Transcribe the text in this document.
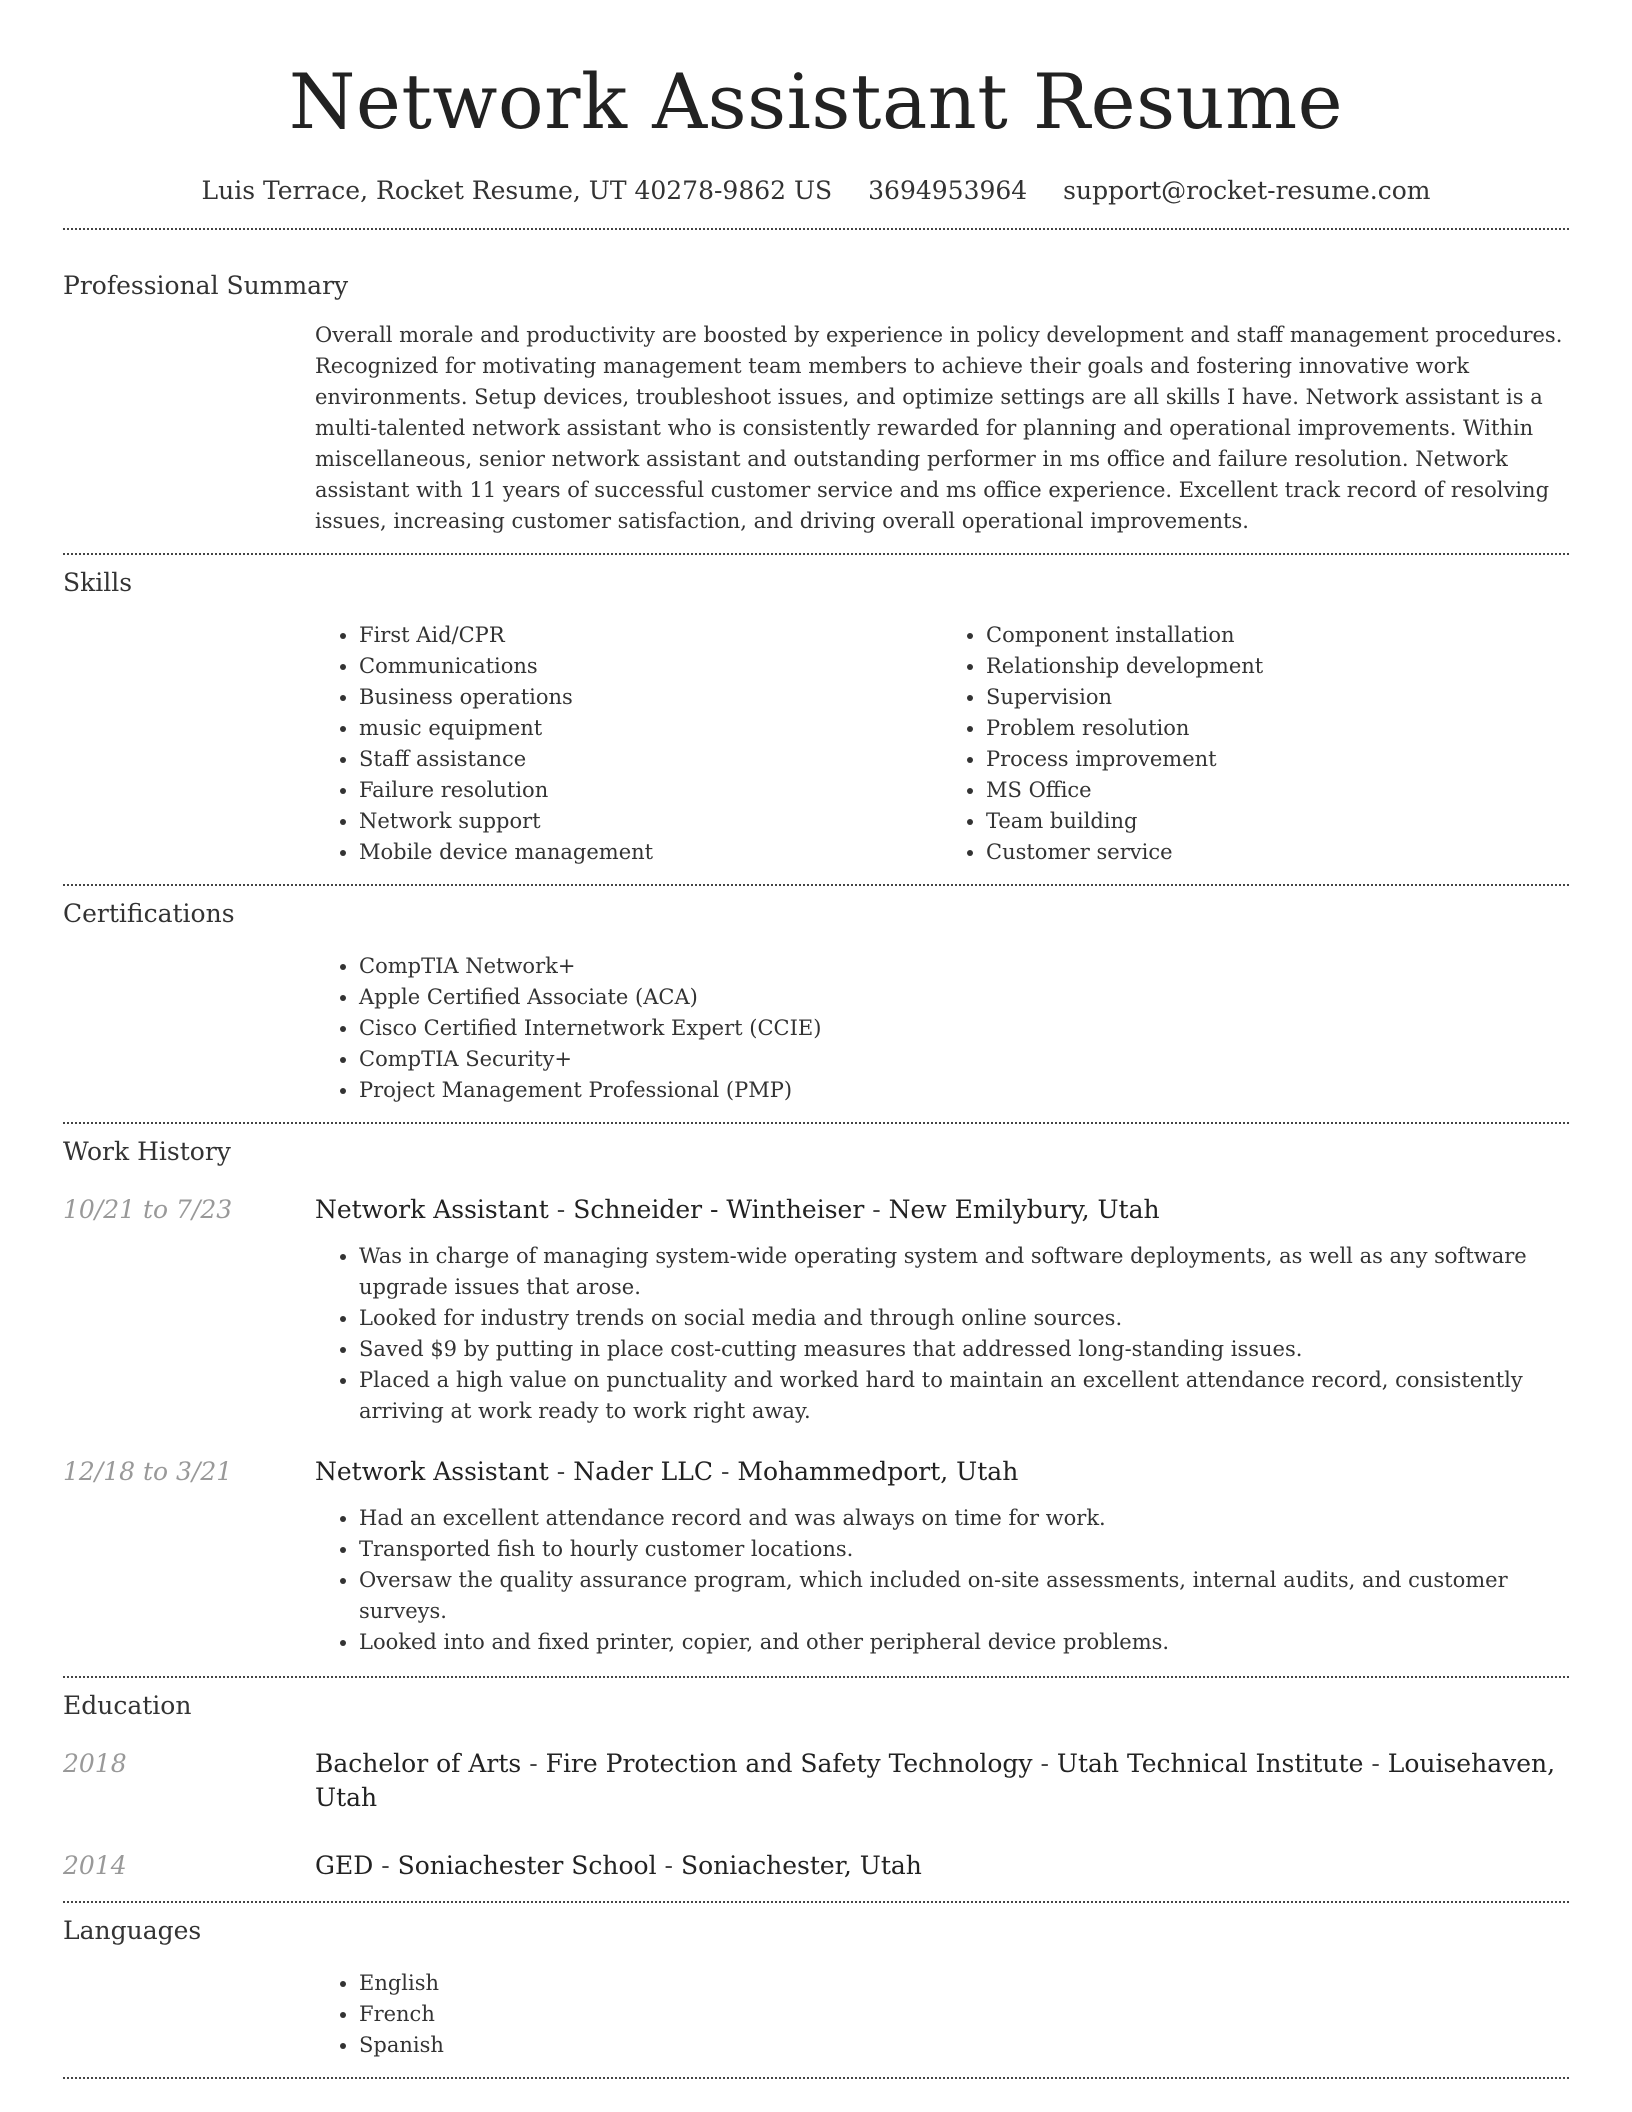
Network Assistant Resume
Luis Terrace, Rocket Resume, UT 40278-9862 US 3694953964 support@rocket-resume.com
Professional Summary

Overall morale and productivity are boosted by experience in policy development and staff management procedures. Recognized for motivating management team members to achieve their goals and fostering innovative work environments. Setup devices, troubleshoot issues, and optimize settings are all skills I have. Network assistant is a multi-talented network assistant who is consistently rewarded for planning and operational improvements. Within miscellaneous, senior network assistant and outstanding performer in ms office and failure resolution. Network assistant with 11 years of successful customer service and ms office experience. Excellent track record of resolving issues, increasing customer satisfaction, and driving overall operational improvements.

Skills
• First Aid/CPR
• Communications
• Business operations
• music equipment
• Staff assistance
• Failure resolution
• Network support
• Mobile device management
• Component installation
• Relationship development
• Supervision
• Problem resolution
• Process improvement
• MS Office
• Team building
• Customer service
Certifications
• CompTIA Network+
• Apple Certified Associate (ACA)
• Cisco Certified Internetwork Expert (CCIE)
• CompTIA Security+
• Project Management Professional (PMP)
Work History
10/21 to 7/23	Network Assistant - Schneider - Wintheiser - New Emilybury, Utah
• Was in charge of managing system-wide operating system and software deployments, as well as any software upgrade issues that arose.
• Looked for industry trends on social media and through online sources.
• Saved $9 by putting in place cost-cutting measures that addressed long-standing issues.
• Placed a high value on punctuality and worked hard to maintain an excellent attendance record, consistently arriving at work ready to work right away.
12/18 to 3/21	Network Assistant - Nader LLC - Mohammedport, Utah
• Had an excellent attendance record and was always on time for work.
• Transported fish to hourly customer locations.
• Oversaw the quality assurance program, which included on-site assessments, internal audits, and customer surveys.
• Looked into and fixed printer, copier, and other peripheral device problems.
Education
2018	Bachelor of Arts - Fire Protection and Safety Technology - Utah Technical Institute - Louisehaven, Utah
2014	GED - Soniachester School - Soniachester, Utah
Languages
• English
• French
• Spanish
